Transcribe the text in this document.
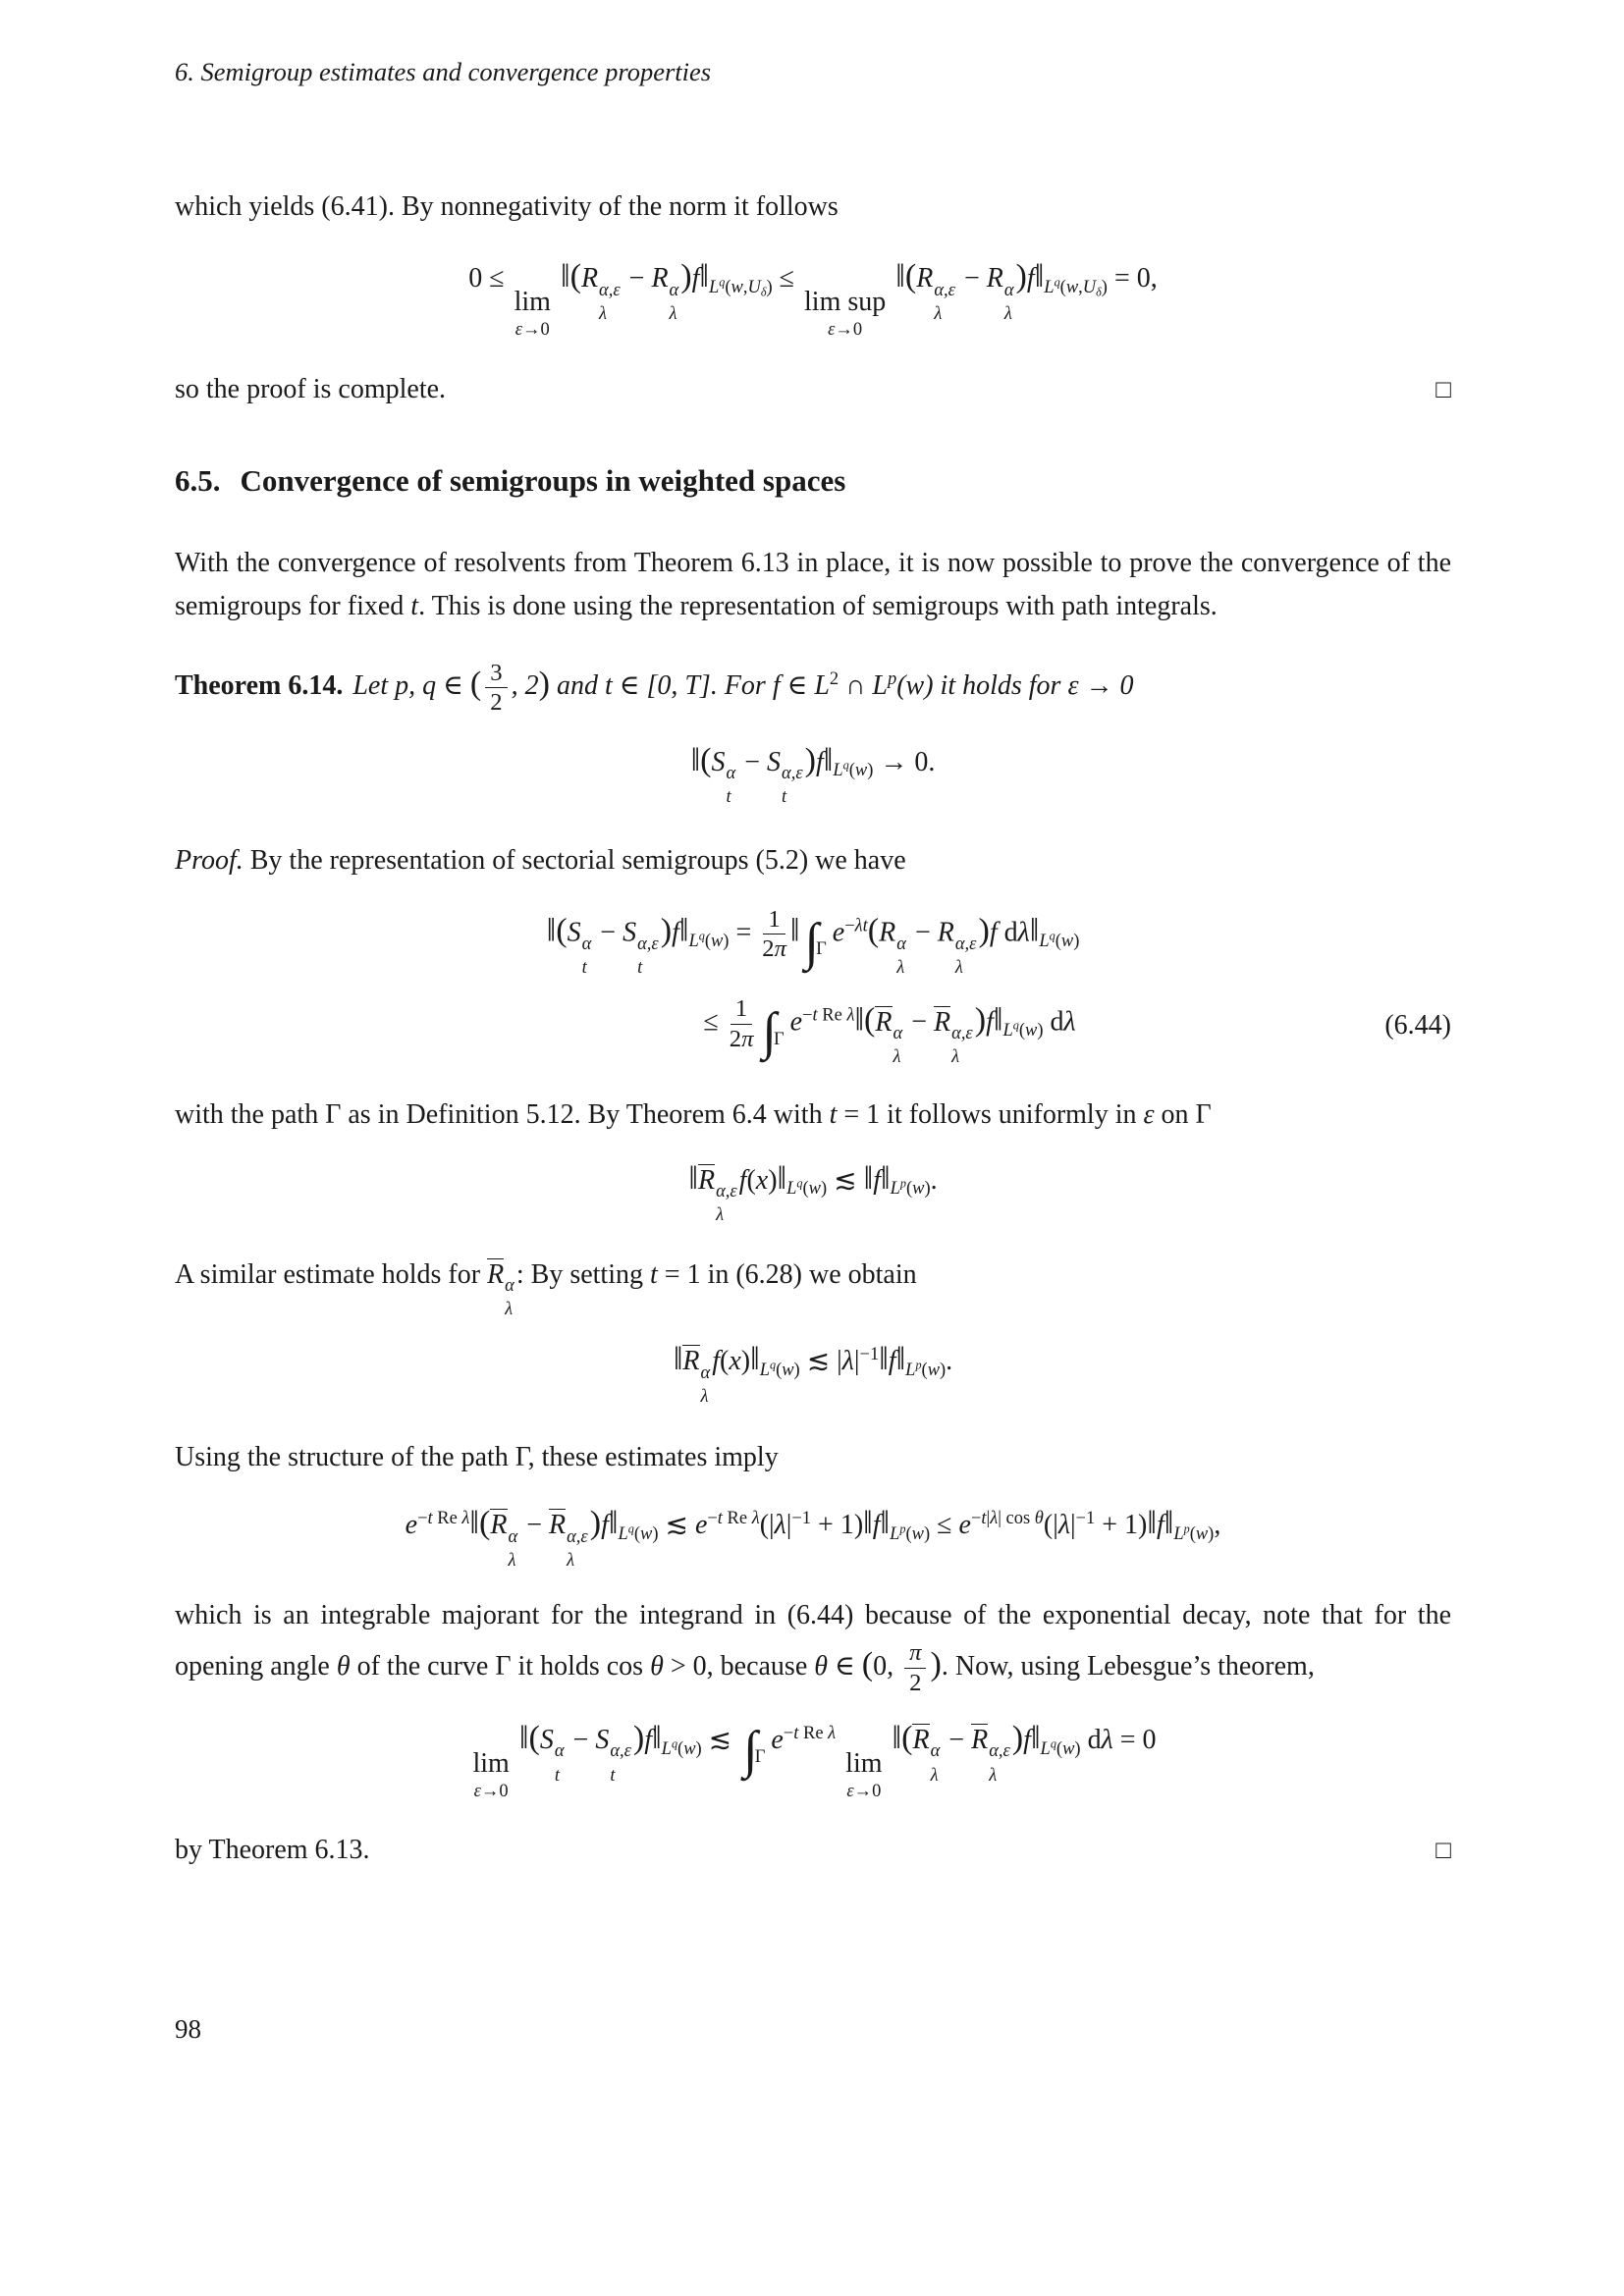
6. Semigroup estimates and convergence properties

which yields (6.41). By nonnegativity of the norm it follows

0 ≤
lim
ε→0
‖(R α,ε
λ
− R α
λ
)$f‖L^q(w,U\delta)$ ≤
lim sup
ε→0
‖(R α,ε
λ
− R α
λ
)$f‖L^q(w,U\delta) = 0$,
so the proof is complete.	□
6.5. Convergence of semigroups in weighted spaces

With the convergence of resolvents from Theorem 6.13 in place, it is now possible to prove the convergence of the semigroups for fixed t. This is done using the representation of semigroups with path integrals.

Theorem 6.14. Let p, q ∈ ( $\frac{3}{2}$ , 2) and t ∈ [0, T]. For f ∈ $L^2$ ∩ $L^p(w)$ it holds for ε → 0

‖(S α
t
− S α,ε
t
)$f‖L^q(w) \to 0$.

Proof. By the representation of sectorial semigroups (5.2) we have

‖(S α
t
− S α,ε
t
)$f‖L^q(w) = \frac{1}{2\pi}$ $‖\int_\Gamma e^{-\lambda t}(R$ α
λ
− R α,ε
λ
)f $d\lambda‖L^q(w)$
≤ $\frac{1}{2\pi}$ $\int_\Gamma e^{-t Re \lambda}‖(R$ α
λ
− R α,ε
λ
)$f‖L^q(w)$ dλ	(6.44)

with the path Γ as in Definition 5.12. By Theorem 6.4 with t = 1 it follows uniformly in ε on Γ

‖R α,ε
λ
$f(x)‖L^q(w)$ ≲ $‖f‖L^p(w)$.

A similar estimate holds for R α
λ
: By setting t = 1 in (6.28) we obtain

‖R α
λ
$f(x)‖L^q(w)$ ≲ $|\lambda|^{-1}‖f‖L^p(w)$.

Using the structure of the path Γ, these estimates imply

$e^{-t Re \lambda}‖(R$ α
λ
− R α,ε
λ
)$f‖L^q(w)$ ≲ $e^{-t Re \lambda}(|\lambda|^{-1}$ + $1)‖f‖L^p(w) \le e^{-t|\lambda| cos \theta}(|\lambda|^{-1}$ + $1)‖f‖L^p(w)$,

which is an integrable majorant for the integrand in (6.44) because of the exponential decay, note that for the opening angle θ of the curve Γ it holds cos θ > 0, because θ ∈ (0, $\frac{\pi}{2}$ ). Now, using Lebesgue’s theorem,

lim
ε→0
‖(S α
t
− S α,ε
t
)$f‖L^q(w)$ ≲ $\int_\Gamma e^{-t Re \lambda}$
lim
ε→0
‖(R α
λ
− R α,ε
λ
)$f‖L^q(w)$ dλ = 0
by Theorem 6.13.	□
98
